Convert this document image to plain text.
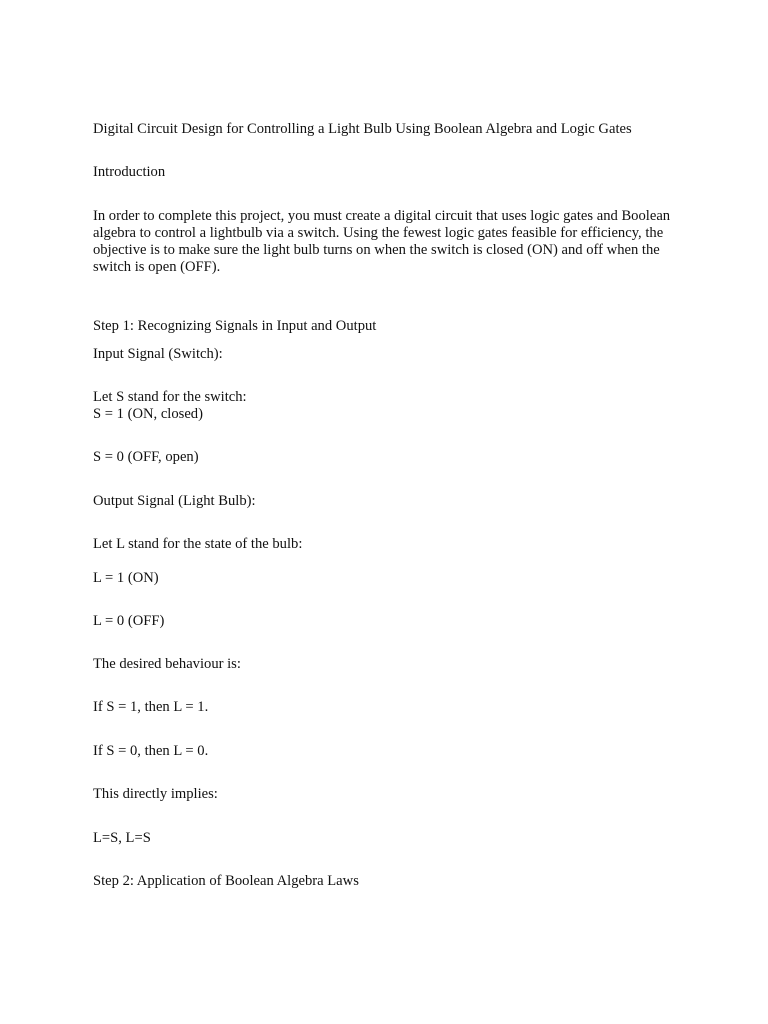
Digital Circuit Design for Controlling a Light Bulb Using Boolean Algebra and Logic Gates
Introduction
In order to complete this project, you must create a digital circuit that uses logic gates and Boolean algebra to control a lightbulb via a switch. Using the fewest logic gates feasible for efficiency, the objective is to make sure the light bulb turns on when the switch is closed (ON) and off when the switch is open (OFF).
Step 1: Recognizing Signals in Input and Output
Input Signal (Switch):
Let S stand for the switch:
S = 1 (ON, closed)
S = 0 (OFF, open)
Output Signal (Light Bulb):
Let L stand for the state of the bulb:
L = 1 (ON)
L = 0 (OFF)
The desired behaviour is:
If S = 1, then L = 1.
If S = 0, then L = 0.
This directly implies:
L=S, L=S
Step 2: Application of Boolean Algebra Laws
